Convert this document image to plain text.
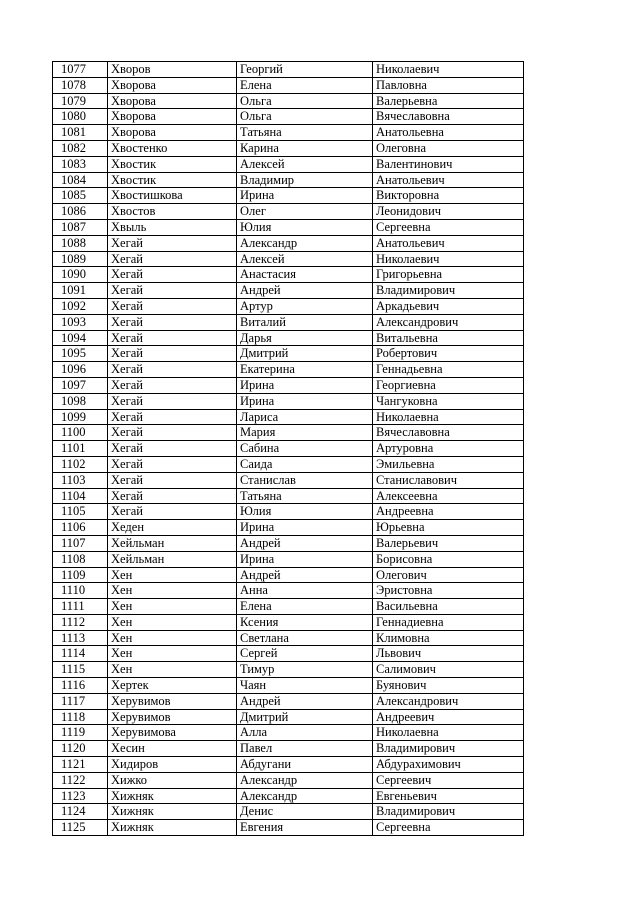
1077	Хворов	Георгий	Николаевич
1078	Хворова	Елена	Павловна
1079	Хворова	Ольга	Валерьевна
1080	Хворова	Ольга	Вячеславовна
1081	Хворова	Татьяна	Анатольевна
1082	Хвостенко	Карина	Олеговна
1083	Хвостик	Алексей	Валентинович
1084	Хвостик	Владимир	Анатольевич
1085	Хвостишкова	Ирина	Викторовна
1086	Хвостов	Олег	Леонидович
1087	Хвыль	Юлия	Сергеевна
1088	Хегай	Александр	Анатольевич
1089	Хегай	Алексей	Николаевич
1090	Хегай	Анастасия	Григорьевна
1091	Хегай	Андрей	Владимирович
1092	Хегай	Артур	Аркадьевич
1093	Хегай	Виталий	Александрович
1094	Хегай	Дарья	Витальевна
1095	Хегай	Дмитрий	Робертович
1096	Хегай	Екатерина	Геннадьевна
1097	Хегай	Ирина	Георгиевна
1098	Хегай	Ирина	Чангуковна
1099	Хегай	Лариса	Николаевна
1100	Хегай	Мария	Вячеславовна
1101	Хегай	Сабина	Артуровна
1102	Хегай	Саида	Эмильевна
1103	Хегай	Станислав	Станиславович
1104	Хегай	Татьяна	Алексеевна
1105	Хегай	Юлия	Андреевна
1106	Хеден	Ирина	Юрьевна
1107	Хейльман	Андрей	Валерьевич
1108	Хейльман	Ирина	Борисовна
1109	Хен	Андрей	Олегович
1110	Хен	Анна	Эристовна
1111	Хен	Елена	Васильевна
1112	Хен	Ксения	Геннадиевна
1113	Хен	Светлана	Климовна
1114	Хен	Сергей	Львович
1115	Хен	Тимур	Салимович
1116	Хертек	Чаян	Буянович
1117	Херувимов	Андрей	Александрович
1118	Херувимов	Дмитрий	Андреевич
1119	Херувимова	Алла	Николаевна
1120	Хесин	Павел	Владимирович
1121	Хидиров	Абдугани	Абдурахимович
1122	Хижко	Александр	Сергеевич
1123	Хижняк	Александр	Евгеньевич
1124	Хижняк	Денис	Владимирович
1125	Хижняк	Евгения	Сергеевна
